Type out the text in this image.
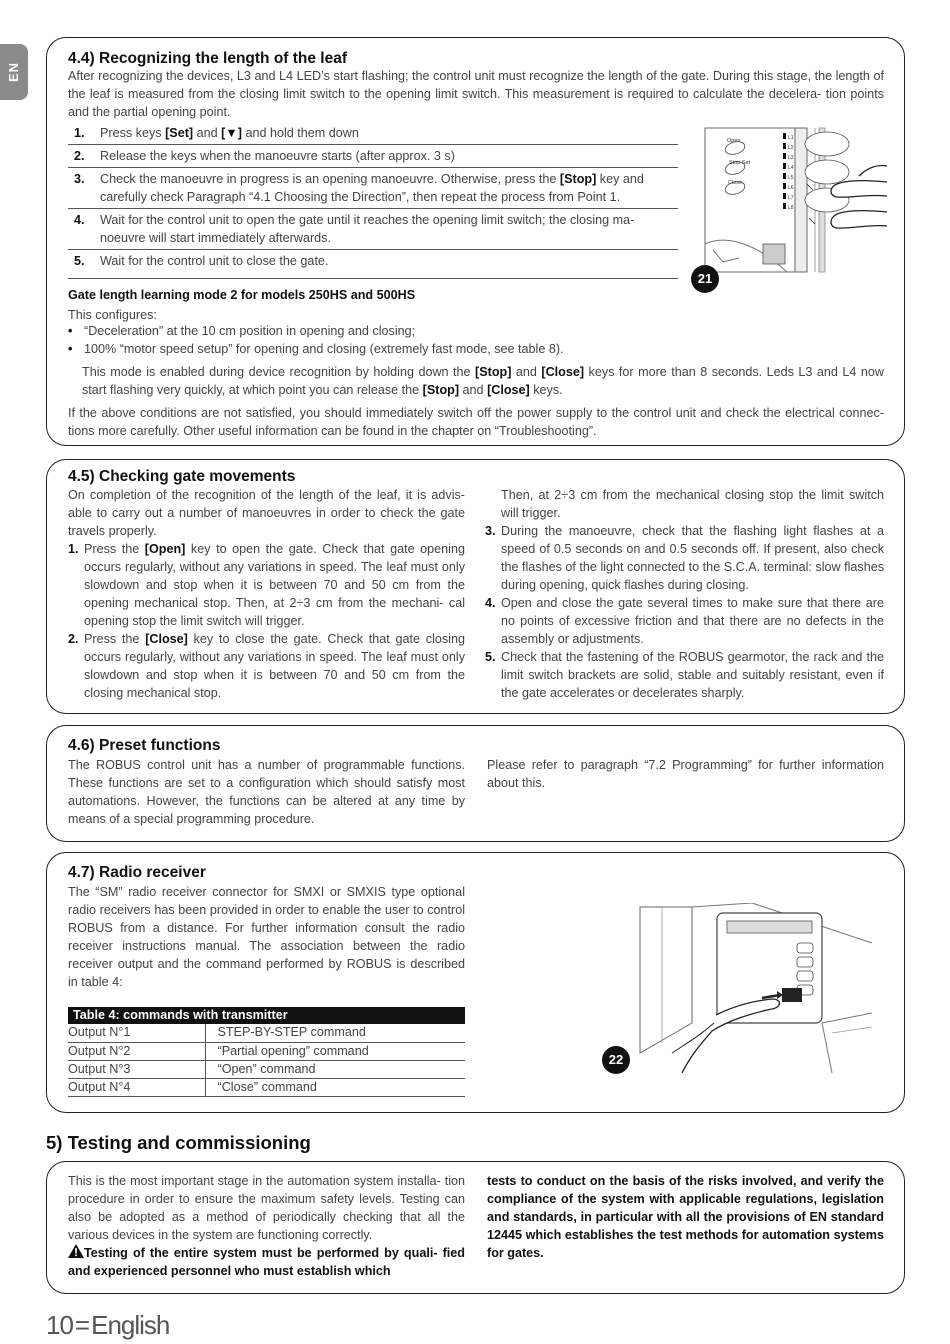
EN
4.4) Recognizing the length of the leaf
After recognizing the devices, L3 and L4 LED’s start flashing; the control unit must recognize the length of the gate. During this stage, the length of the leaf is measured from the closing limit switch to the opening limit switch. This measurement is required to calculate the decelera- tion points and the partial opening point.
1.	Press keys [Set] and [▼] and hold them down
2.	Release the keys when the manoeuvre starts (after approx. 3 s)
3.	Check the manoeuvre in progress is an opening manoeuvre. Otherwise, press the [Stop] key and carefully check Paragraph “4.1 Choosing the Direction”, then repeat the process from Point 1.
4.	Wait for the control unit to open the gate until it reaches the opening limit switch; the closing ma- noeuvre will start immediately afterwards.
5.	Wait for the control unit to close the gate.
Open
Stop Set
Close
L1
L2
L3
L4
L5
L6
L7
L8
21
Gate length learning mode 2 for models 250HS and 500HS
This configures:
• “Deceleration” at the 10 cm position in opening and closing;
• 100% “motor speed setup” for opening and closing (extremely fast mode, see table 8).
This mode is enabled during device recognition by holding down the [Stop] and [Close] keys for more than 8 seconds. Leds L3 and L4 now start flashing very quickly, at which point you can release the [Stop] and [Close] keys.
If the above conditions are not satisfied, you should immediately switch off the power supply to the control unit and check the electrical connec- tions more carefully. Other useful information can be found in the chapter on “Troubleshooting”.
4.5) Checking gate movements
On completion of the recognition of the length of the leaf, it is advis- able to carry out a number of manoeuvres in order to check the gate travels properly.
1. Press the [Open] key to open the gate. Check that gate opening occurs regularly, without any variations in speed. The leaf must only slowdown and stop when it is between 70 and 50 cm from the opening mechanical stop. Then, at 2÷3 cm from the mechani- cal opening stop the limit switch will trigger.
2. Press the [Close] key to close the gate. Check that gate closing occurs regularly, without any variations in speed. The leaf must only slowdown and stop when it is between 70 and 50 cm from the closing mechanical stop.
Then, at 2÷3 cm from the mechanical closing stop the limit switch will trigger.
3. During the manoeuvre, check that the flashing light flashes at a speed of 0.5 seconds on and 0.5 seconds off. If present, also check the flashes of the light connected to the S.C.A. terminal: slow flashes during opening, quick flashes during closing.
4. Open and close the gate several times to make sure that there are no points of excessive friction and that there are no defects in the assembly or adjustments.
5. Check that the fastening of the ROBUS gearmotor, the rack and the limit switch brackets are solid, stable and suitably resistant, even if the gate accelerates or decelerates sharply.
4.6) Preset functions
The ROBUS control unit has a number of programmable functions. These functions are set to a configuration which should satisfy most automations. However, the functions can be altered at any time by means of a special programming procedure.
Please refer to paragraph “7.2 Programming” for further information about this.
4.7) Radio receiver
The “SM” radio receiver connector for SMXI or SMXIS type optional radio receivers has been provided in order to enable the user to control ROBUS from a distance. For further information consult the radio receiver instructions manual. The association between the radio receiver output and the command performed by ROBUS is described in table 4:
Table 4: commands with transmitter	
Output N°1	STEP-BY-STEP command
Output N°2	“Partial opening” command
Output N°3	“Open” command
Output N°4	“Close” command
22
5) Testing and commissioning
This is the most important stage in the automation system installa- tion procedure in order to ensure the maximum safety levels. Testing can also be adopted as a method of periodically checking that all the various devices in the system are functioning correctly.
Testing of the entire system must be performed by quali- fied and experienced personnel who must establish which
tests to conduct on the basis of the risks involved, and verify the compliance of the system with applicable regulations, legislation and standards, in particular with all the provisions of EN standard 12445 which establishes the test methods for automation systems for gates.
10=English
